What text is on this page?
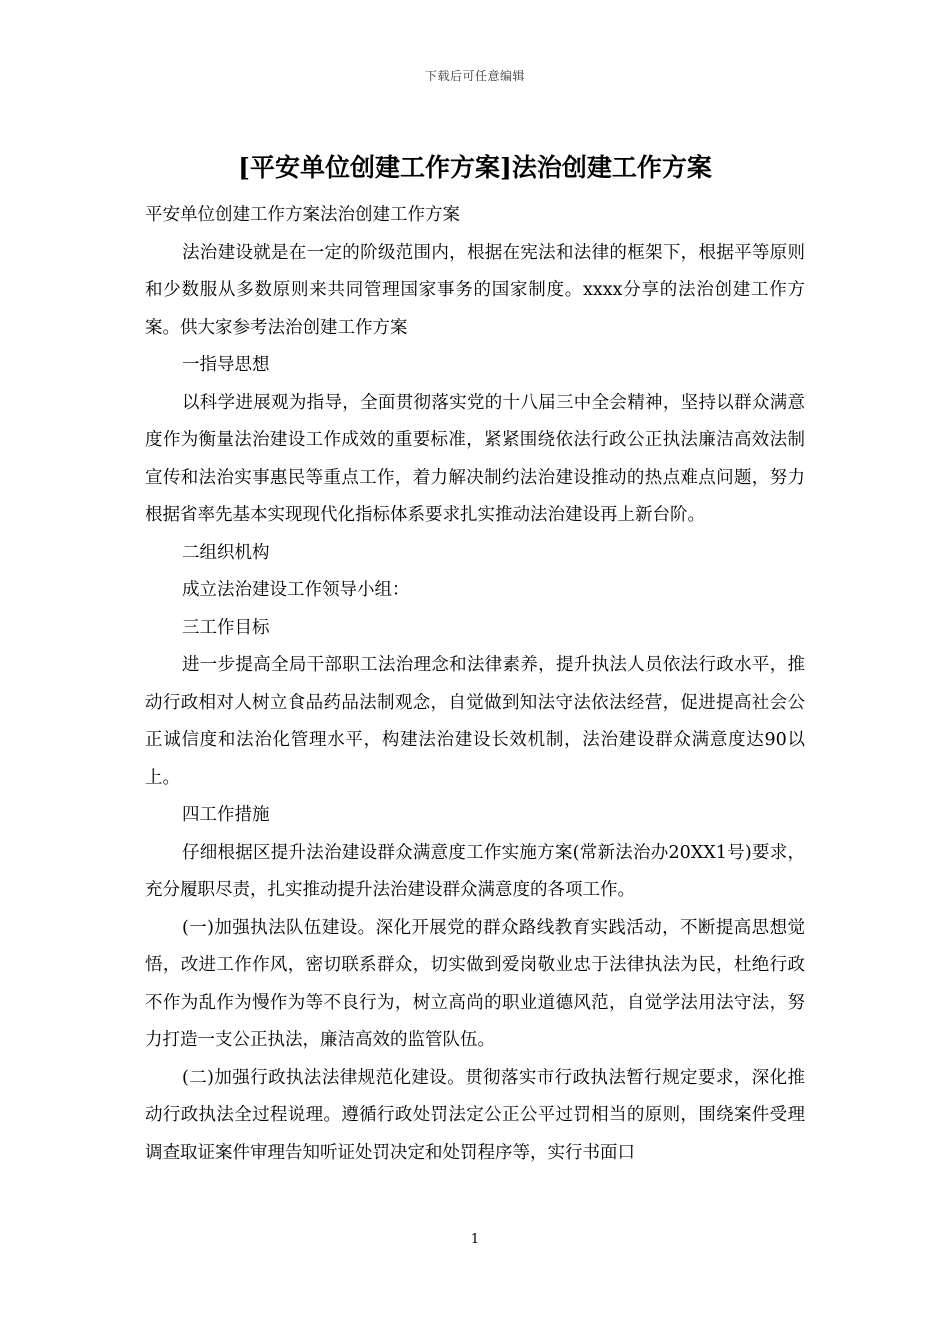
下载后可任意编辑
[平安单位创建工作方案]法治创建工作方案

平安单位创建工作方案法治创建工作方案

法治建设就是在一定的阶级范围内，根据在宪法和法律的框架下，根据平等原则和少数服从多数原则来共同管理国家事务的国家制度。xxxx分享的法治创建工作方案。供大家参考法治创建工作方案

一指导思想

以科学进展观为指导，全面贯彻落实党的十八届三中全会精神，坚持以群众满意度作为衡量法治建设工作成效的重要标准，紧紧围绕依法行政公正执法廉洁高效法制宣传和法治实事惠民等重点工作，着力解决制约法治建设推动的热点难点问题，努力根据省率先基本实现现代化指标体系要求扎实推动法治建设再上新台阶。

二组织机构

成立法治建设工作领导小组：

三工作目标

进一步提高全局干部职工法治理念和法律素养，提升执法人员依法行政水平，推动行政相对人树立食品药品法制观念，自觉做到知法守法依法经营，促进提高社会公正诚信度和法治化管理水平，构建法治建设长效机制，法治建设群众满意度达90以上。

四工作措施

仔细根据区提升法治建设群众满意度工作实施方案(常新法治办20XX1号)要求，充分履职尽责，扎实推动提升法治建设群众满意度的各项工作。

(一)加强执法队伍建设。深化开展党的群众路线教育实践活动，不断提高思想觉悟，改进工作作风，密切联系群众，切实做到爱岗敬业忠于法律执法为民，杜绝行政不作为乱作为慢作为等不良行为，树立高尚的职业道德风范，自觉学法用法守法，努力打造一支公正执法，廉洁高效的监管队伍。

(二)加强行政执法法律规范化建设。贯彻落实市行政执法暂行规定要求，深化推动行政执法全过程说理。遵循行政处罚法定公正公平过罚相当的原则，围绕案件受理调查取证案件审理告知听证处罚决定和处罚程序等，实行书面口

1
